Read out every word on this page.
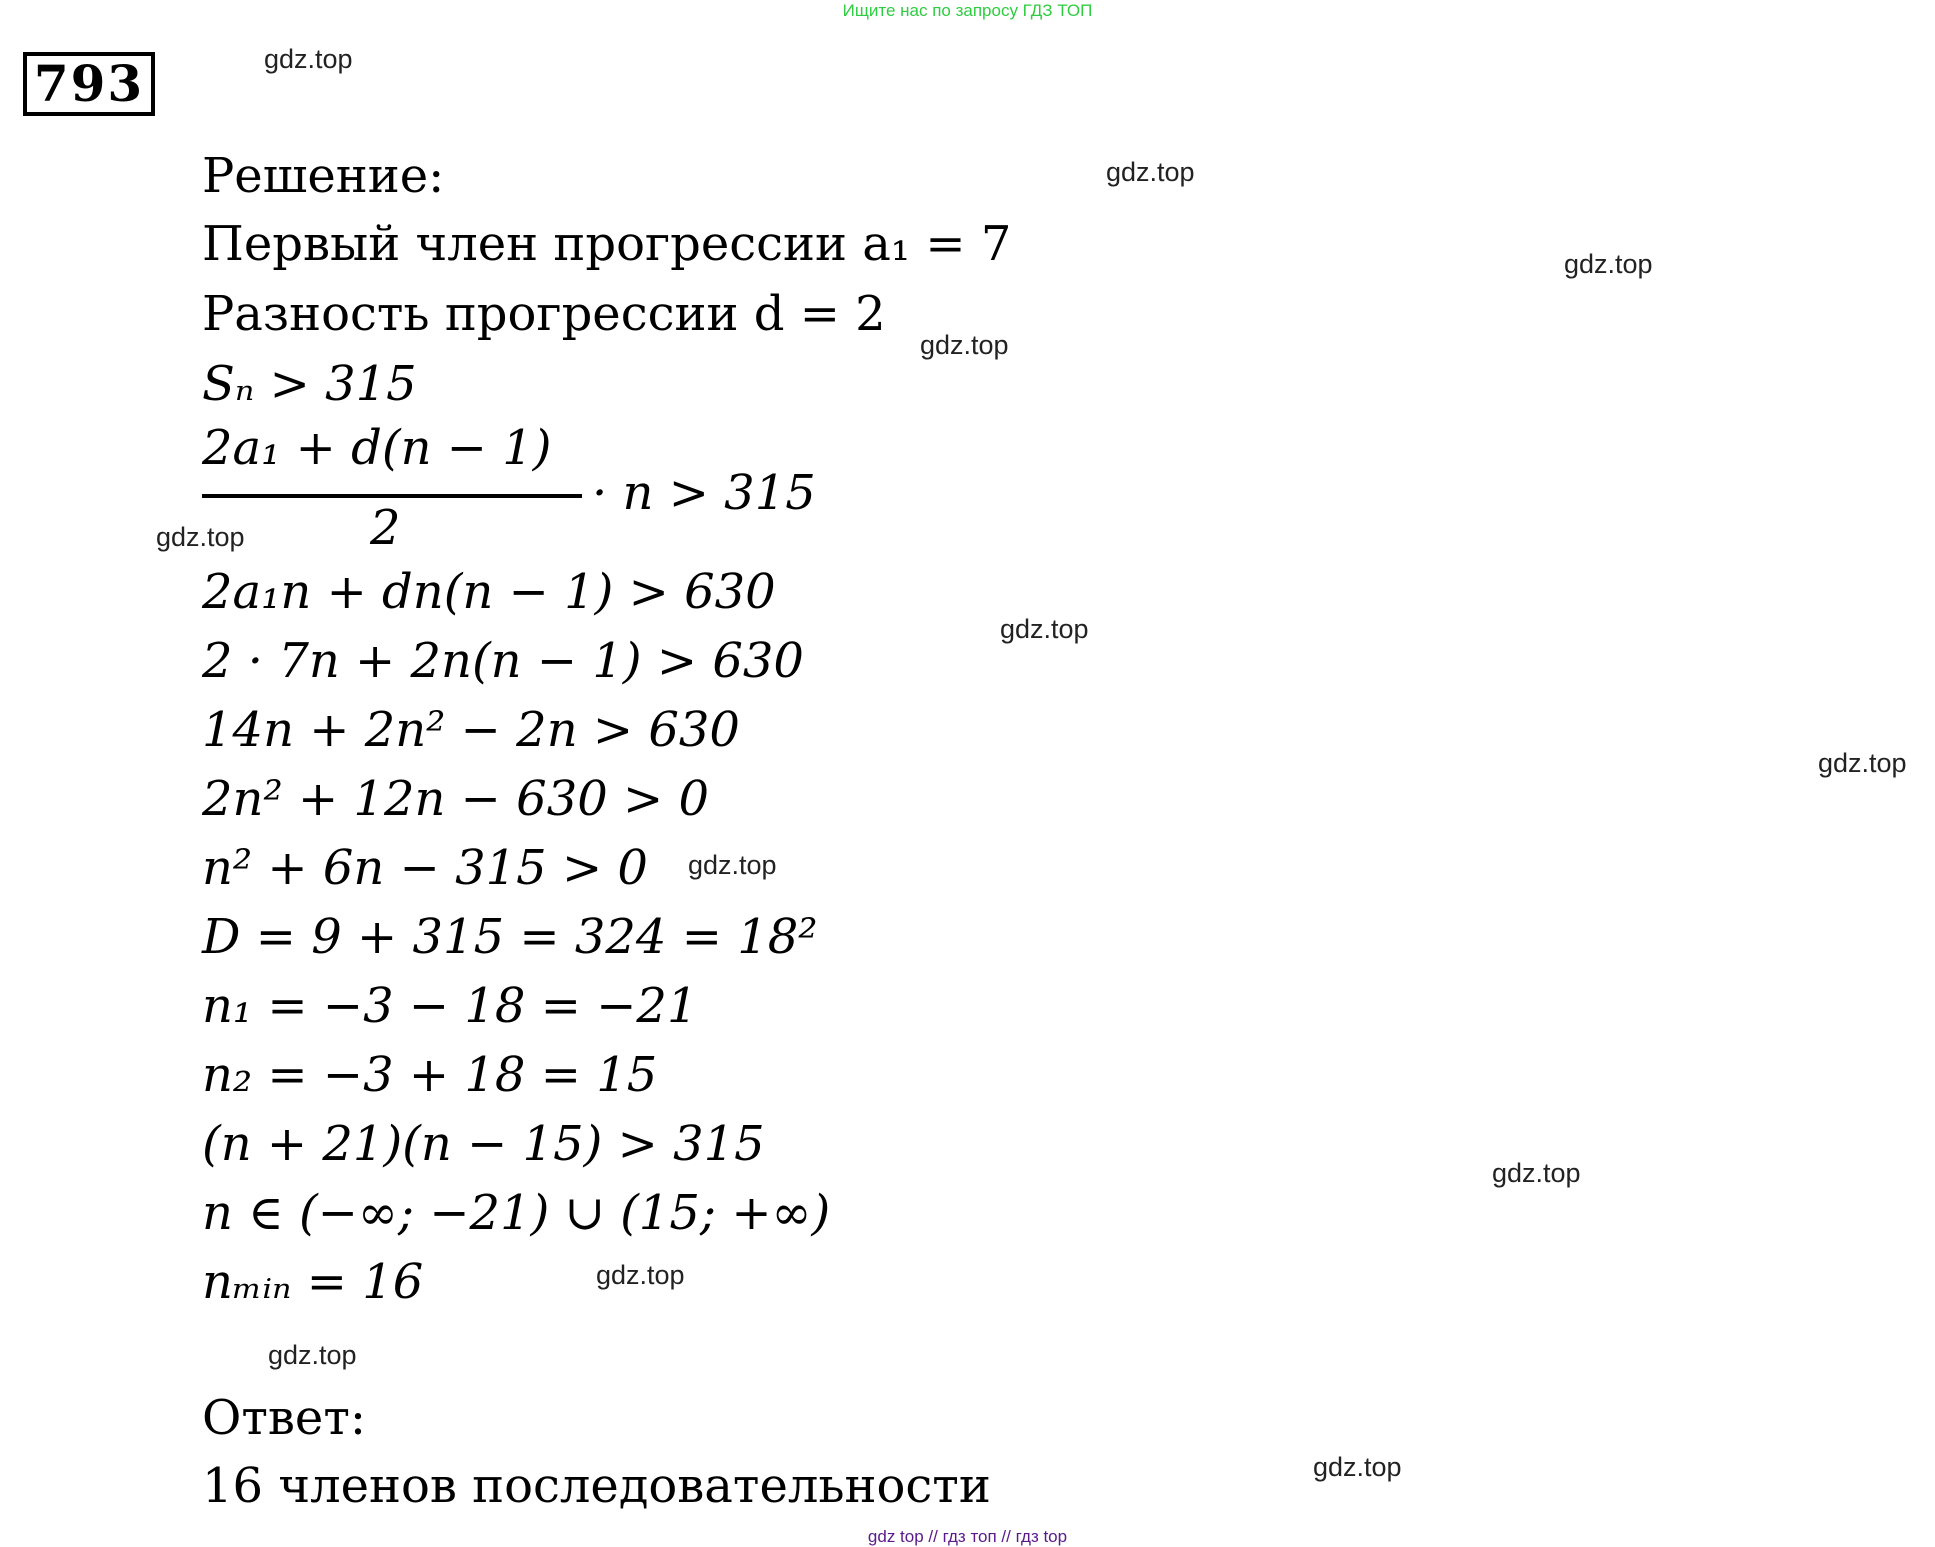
Ищите нас по запросу ГДЗ ТОП
793	gdz.top
gdz.top
gdz.top
gdz.top
gdz.top
gdz.top
gdz.top
gdz.top
gdz.top
gdz.top
gdz.top
gdz.top
Решение:
Первый член прогрессии a₁ = 7
Разность прогрессии d = 2
Sₙ > 315
2a₁ + d(n − 1)
2
· n > 315
2a₁n + dn(n − 1) > 630
2 · 7n + 2n(n − 1) > 630
14n + 2n² − 2n > 630
2n² + 12n − 630 > 0
n² + 6n − 315 > 0
D = 9 + 315 = 324 = 18²
n₁ = −3 − 18 = −21
n₂ = −3 + 18 = 15
(n + 21)(n − 15) > 315
n ∈ (−∞; −21) ∪ (15; +∞)
nₘᵢₙ = 16
Ответ:
16 членов последовательности
gdz top // гдз топ // гдз top
